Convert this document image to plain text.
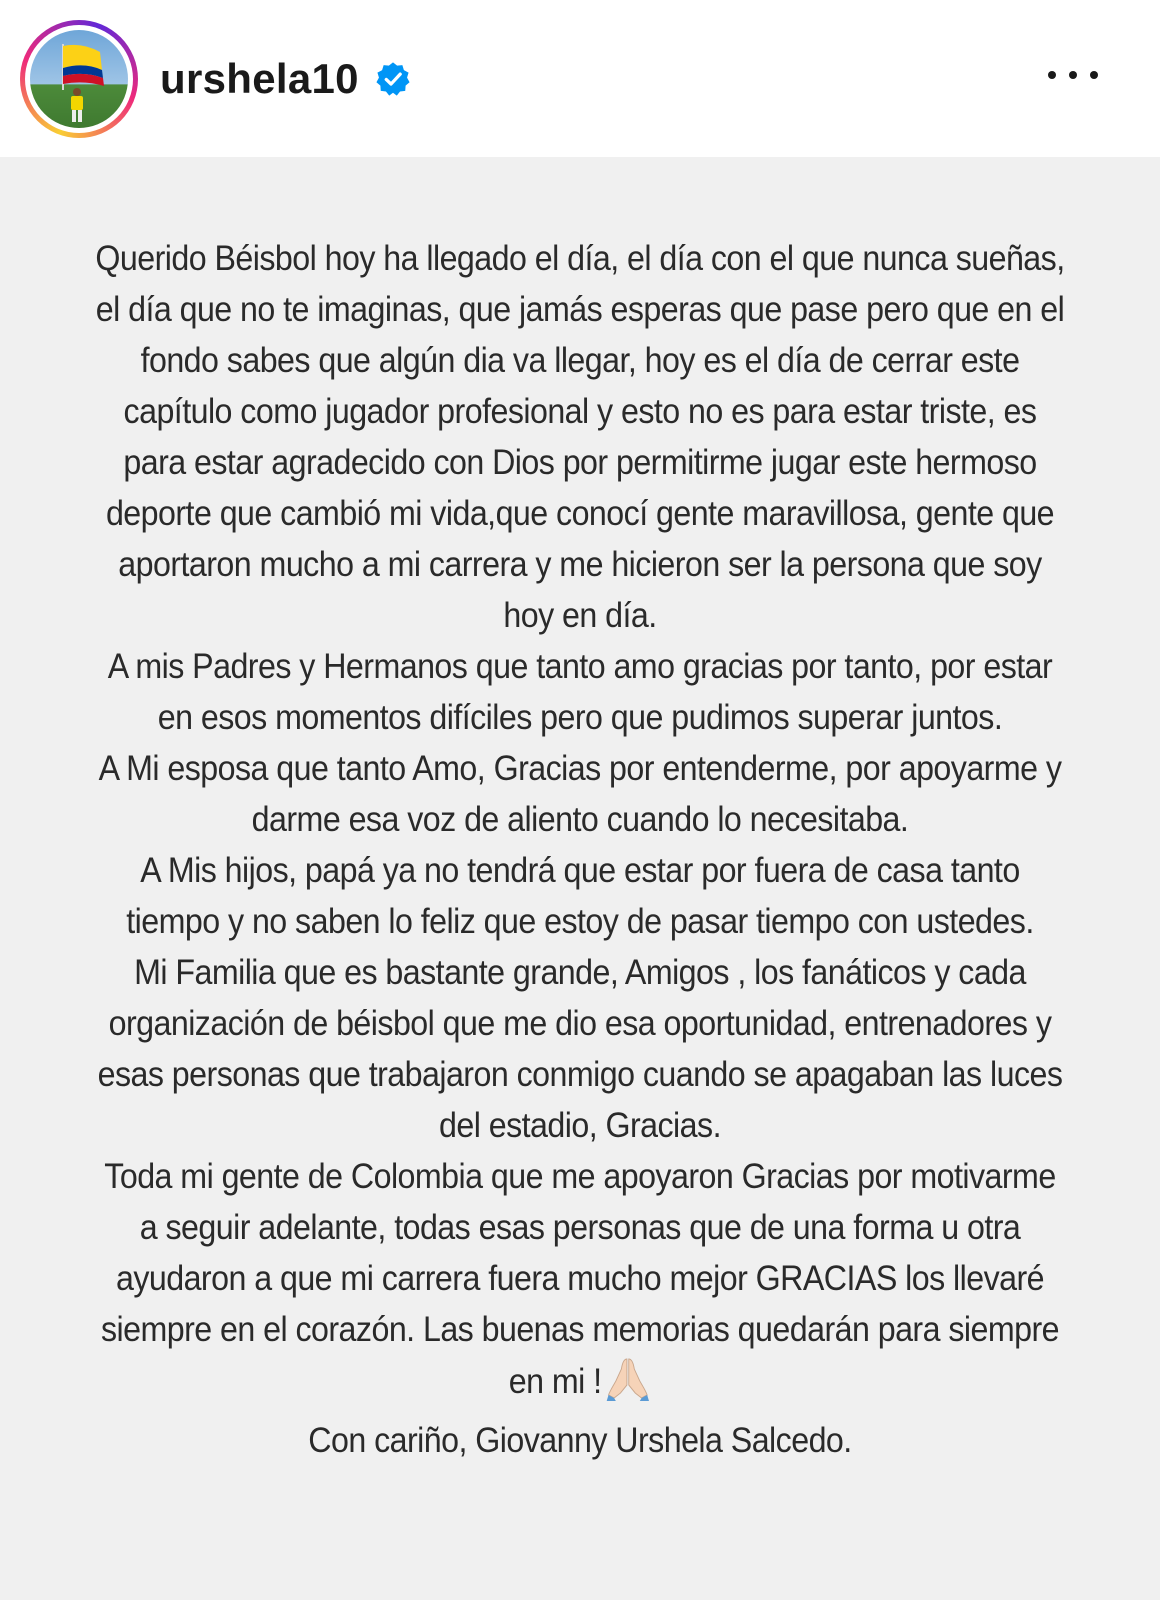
urshela10

Querido Béisbol hoy ha llegado el día, el día con el que nunca sueñas, el día que no te imaginas, que jamás esperas que pase pero que en el fondo sabes que algún dia va llegar, hoy es el día de cerrar este capítulo como jugador profesional y esto no es para estar triste, es para estar agradecido con Dios por permitirme jugar este hermoso deporte que cambió mi vida,que conocí gente maravillosa, gente que aportaron mucho a mi carrera y me hicieron ser la persona que soy hoy en día.

A mis Padres y Hermanos que tanto amo gracias por tanto, por estar en esos momentos difíciles pero que pudimos superar juntos.

A Mi esposa que tanto Amo, Gracias por entenderme, por apoyarme y darme esa voz de aliento cuando lo necesitaba.

A Mis hijos, papá ya no tendrá que estar por fuera de casa tanto tiempo y no saben lo feliz que estoy de pasar tiempo con ustedes.

Mi Familia que es bastante grande, Amigos , los fanáticos y cada organización de béisbol que me dio esa oportunidad, entrenadores y esas personas que trabajaron conmigo cuando se apagaban las luces del estadio, Gracias.

Toda mi gente de Colombia que me apoyaron Gracias por motivarme a seguir adelante, todas esas personas que de una forma u otra ayudaron a que mi carrera fuera mucho mejor GRACIAS los llevaré siempre en el corazón. Las buenas memorias quedarán para siempre en mi !

Con cariño, Giovanny Urshela Salcedo.
